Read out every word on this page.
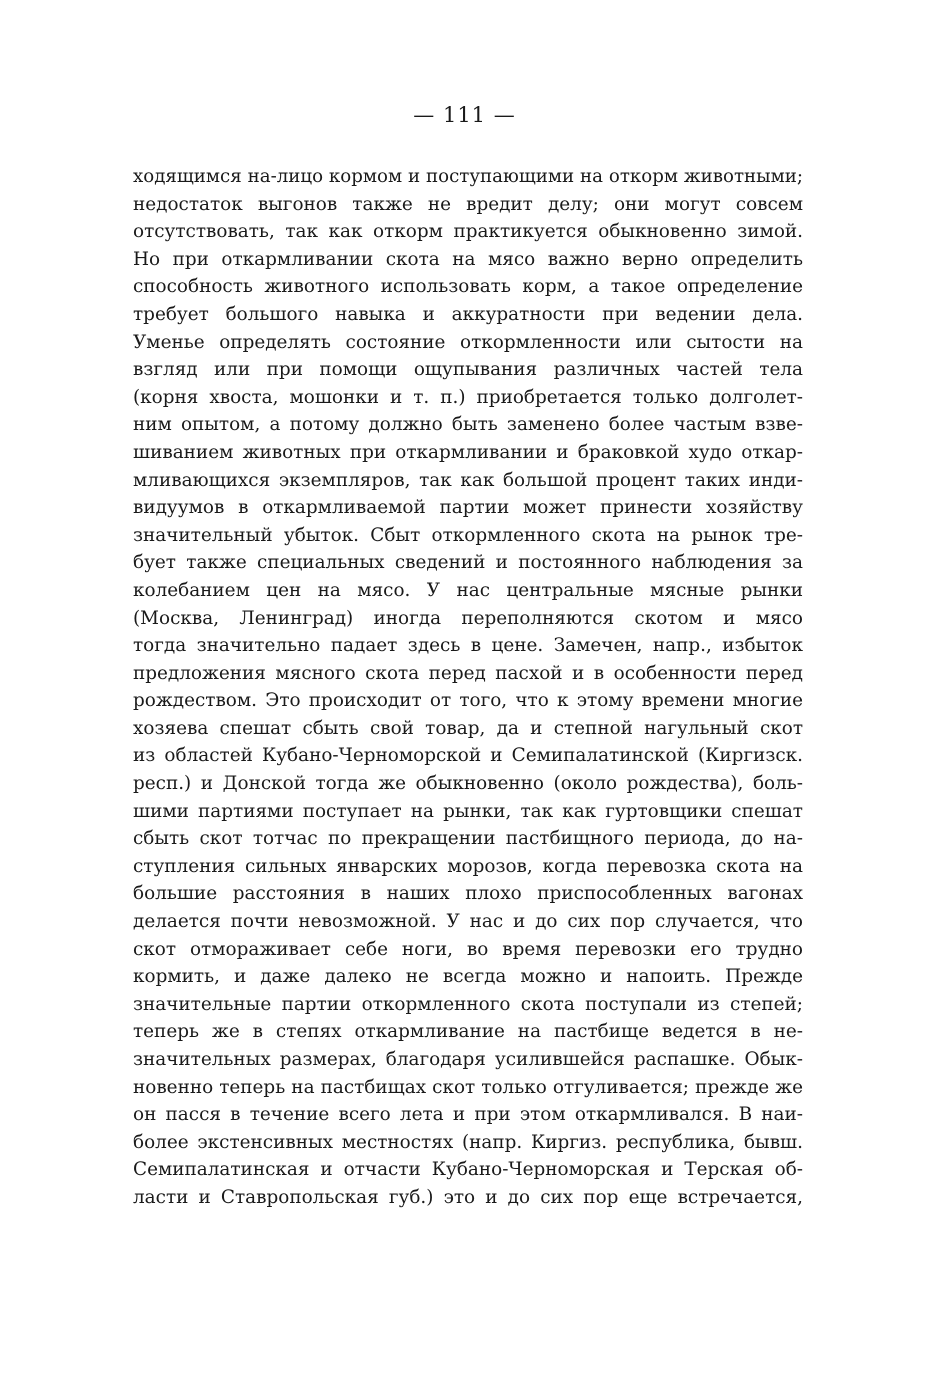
— 111 —
ходящимся на-лицо кормом и поступающими на откорм животными;
недостаток выгонов также не вредит делу; они могут совсем
отсутствовать, так как откорм практикуется обыкновенно зимой.
Но при откармливании скота на мясо важно верно определить
способность животного использовать корм, а такое определение
требует большого навыка и аккуратности при ведении дела.
Уменье определять состояние откормленности или сытости на
взгляд или при помощи ощупывания различных частей тела
(корня хвоста, мошонки и т. п.) приобретается только долголет-
ним опытом, а потому должно быть заменено более частым взве-
шиванием животных при откармливании и браковкой худо откар-
мливающихся экземпляров, так как большой процент таких инди-
видуумов в откармливаемой партии может принести хозяйству
значительный убыток. Сбыт откормленного скота на рынок тре-
бует также специальных сведений и постоянного наблюдения за
колебанием цен на мясо. У нас центральные мясные рынки
(Москва, Ленинград) иногда переполняются скотом и мясо
тогда значительно падает здесь в цене. Замечен, напр., избыток
предложения мясного скота перед пасхой и в особенности перед
рождеством. Это происходит от того, что к этому времени многие
хозяева спешат сбыть свой товар, да и степной нагульный скот
из областей Кубано-Черноморской и Семипалатинской (Киргизск.
респ.) и Донской тогда же обыкновенно (около рождества), боль-
шими партиями поступает на рынки, так как гуртовщики спешат
сбыть скот тотчас по прекращении пастбищного периода, до на-
ступления сильных январских морозов, когда перевозка скота на
большие расстояния в наших плохо приспособленных вагонах
делается почти невозможной. У нас и до сих пор случается, что
скот отмораживает себе ноги, во время перевозки его трудно
кормить, и даже далеко не всегда можно и напоить. Прежде
значительные партии откормленного скота поступали из степей;
теперь же в степях откармливание на пастбище ведется в не-
значительных размерах, благодаря усилившейся распашке. Обык-
новенно теперь на пастбищах скот только отгуливается; прежде же
он пасся в течение всего лета и при этом откармливался. В наи-
более экстенсивных местностях (напр. Киргиз. республика, бывш.
Семипалатинская и отчасти Кубано-Черноморская и Терская об-
ласти и Ставропольская губ.) это и до сих пор еще встречается,
